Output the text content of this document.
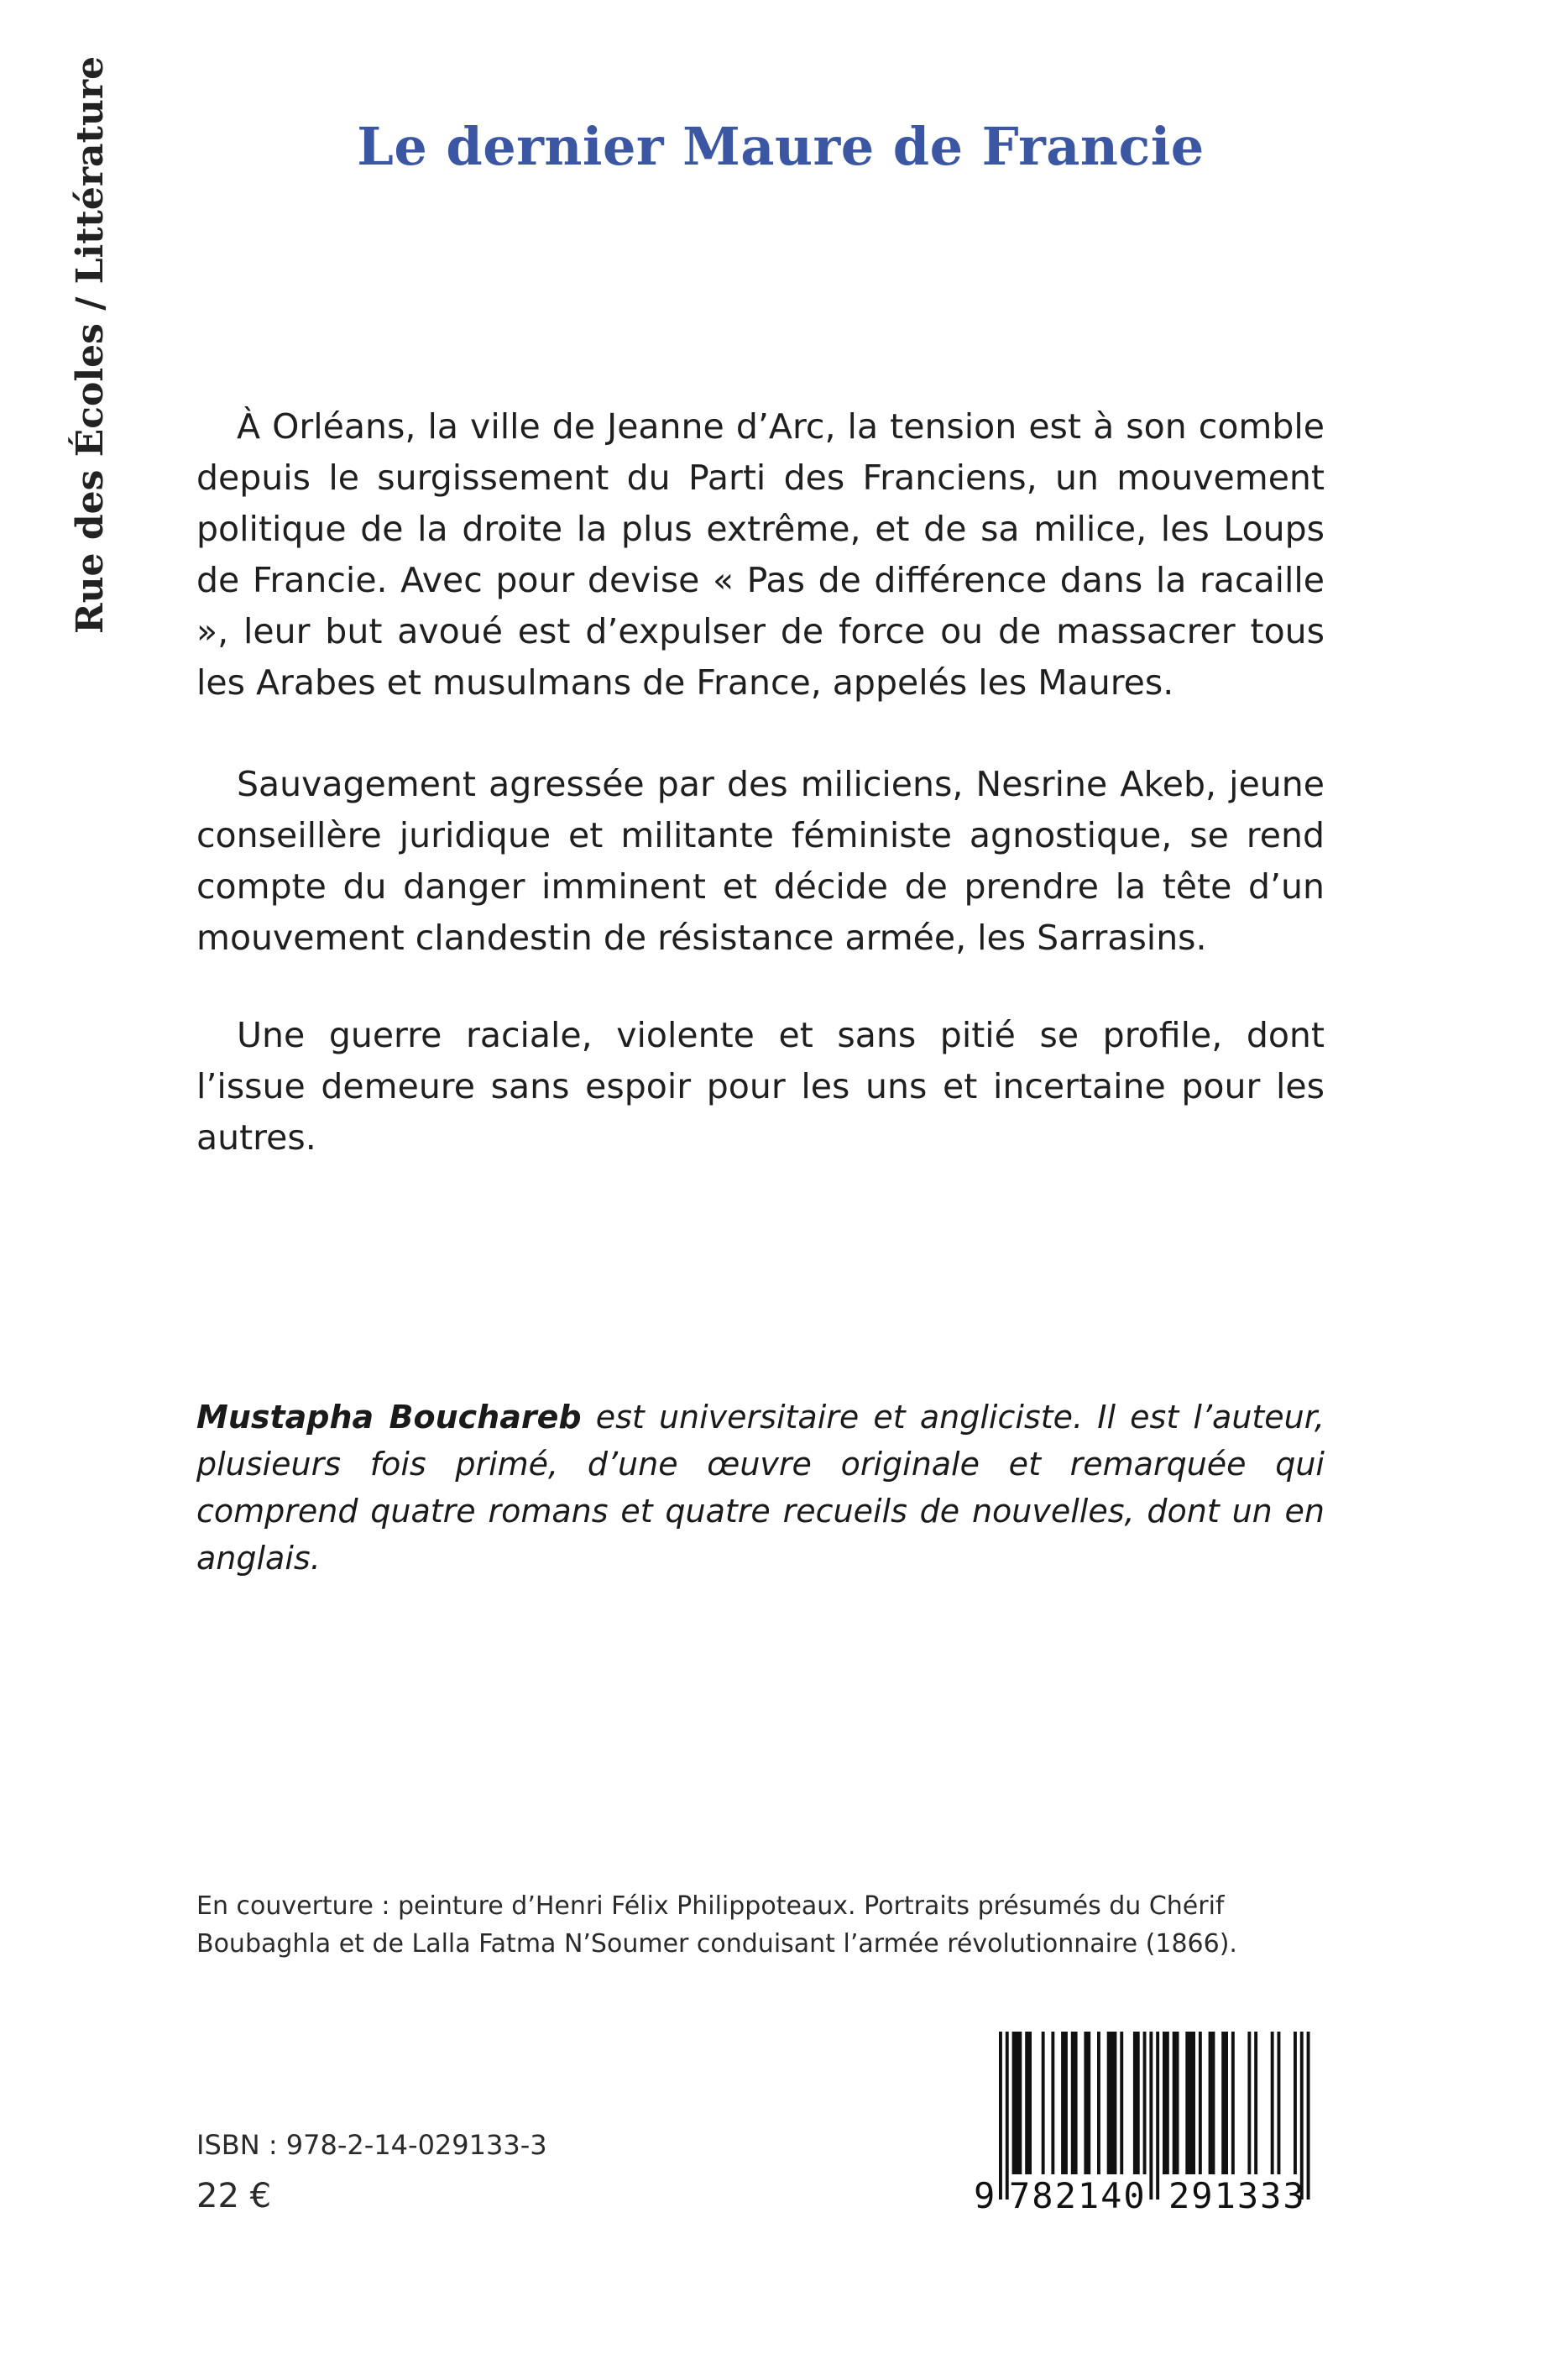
Rue des Écoles / Littérature	Le dernier Maure de Francie

À Orléans, la ville de Jeanne d’Arc, la tension est à son comble depuis le surgissement du Parti des Franciens, un mouvement politique de la droite la plus extrême, et de sa milice, les Loups de Francie. Avec pour devise « Pas de différence dans la racaille », leur but avoué est d’expulser de force ou de massacrer tous les Arabes et musulmans de France, appelés les Maures.

Sauvagement agressée par des miliciens, Nesrine Akeb, jeune conseillère juridique et militante féministe agnostique, se rend compte du danger imminent et décide de prendre la tête d’un mouvement clandestin de résistance armée, les Sarrasins.

Une guerre raciale, violente et sans pitié se profile, dont l’issue demeure sans espoir pour les uns et incertaine pour les autres.

Mustapha Bouchareb est universitaire et angliciste. Il est l’auteur, plusieurs fois primé, d’une œuvre originale et remarquée qui comprend quatre romans et quatre recueils de nouvelles, dont un en anglais.

En couverture : peinture d’Henri Félix Philippoteaux. Portraits présumés du Chérif Boubaghla et de Lalla Fatma N’Soumer conduisant l’armée révolutionnaire (1866).

ISBN : 978-2-14-029133-3
22 €	9 782140 291333
